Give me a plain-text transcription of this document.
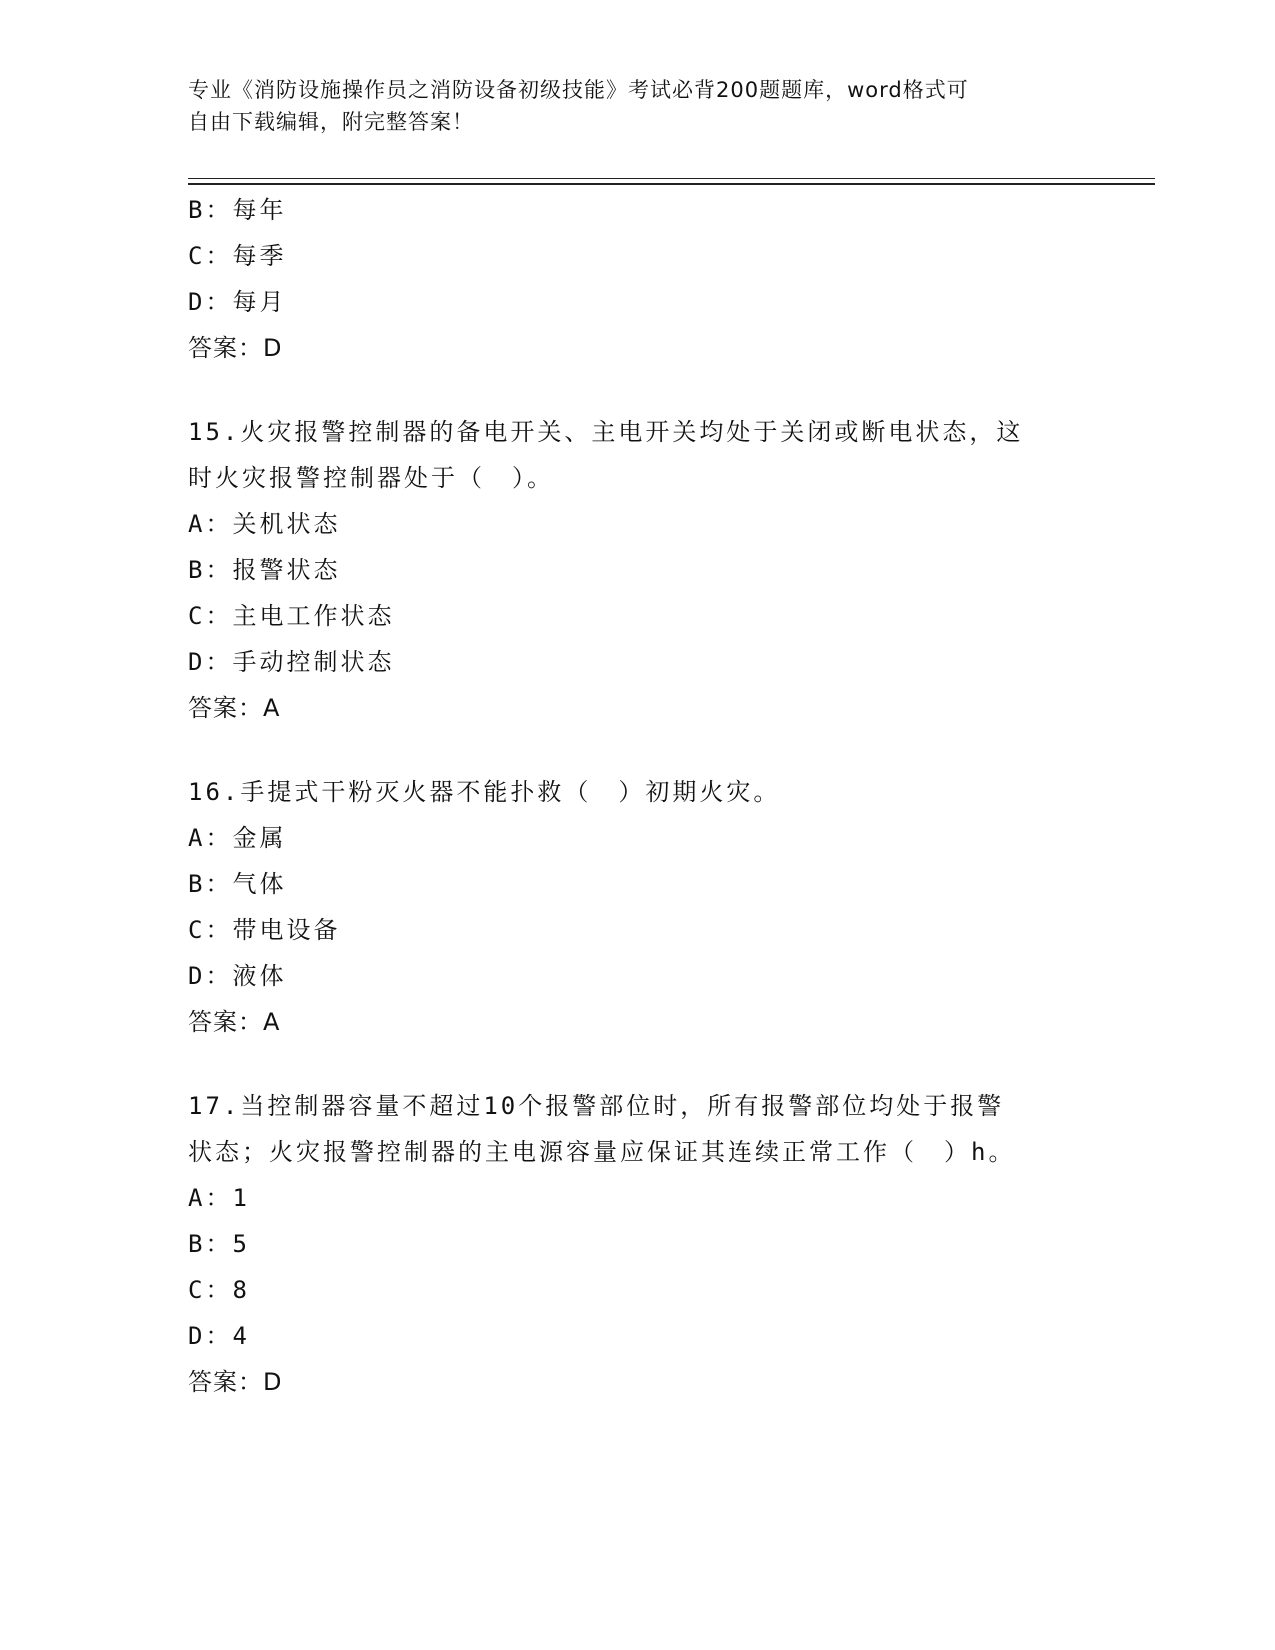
专业《消防设施操作员之消防设备初级技能》考试必背200题题库，word格式可
自由下载编辑，附完整答案！
B：每年
C：每季
D：每月
答案：D
15.火灾报警控制器的备电开关、主电开关均处于关闭或断电状态，这
时火灾报警控制器处于（　）。
A：关机状态
B：报警状态
C：主电工作状态
D：手动控制状态
答案：A
16.手提式干粉灭火器不能扑救（　）初期火灾。
A：金属
B：气体
C：带电设备
D：液体
答案：A
17.当控制器容量不超过10个报警部位时，所有报警部位均处于报警
状态；火灾报警控制器的主电源容量应保证其连续正常工作（　）h。
A：1
B：5
C：8
D：4
答案：D
